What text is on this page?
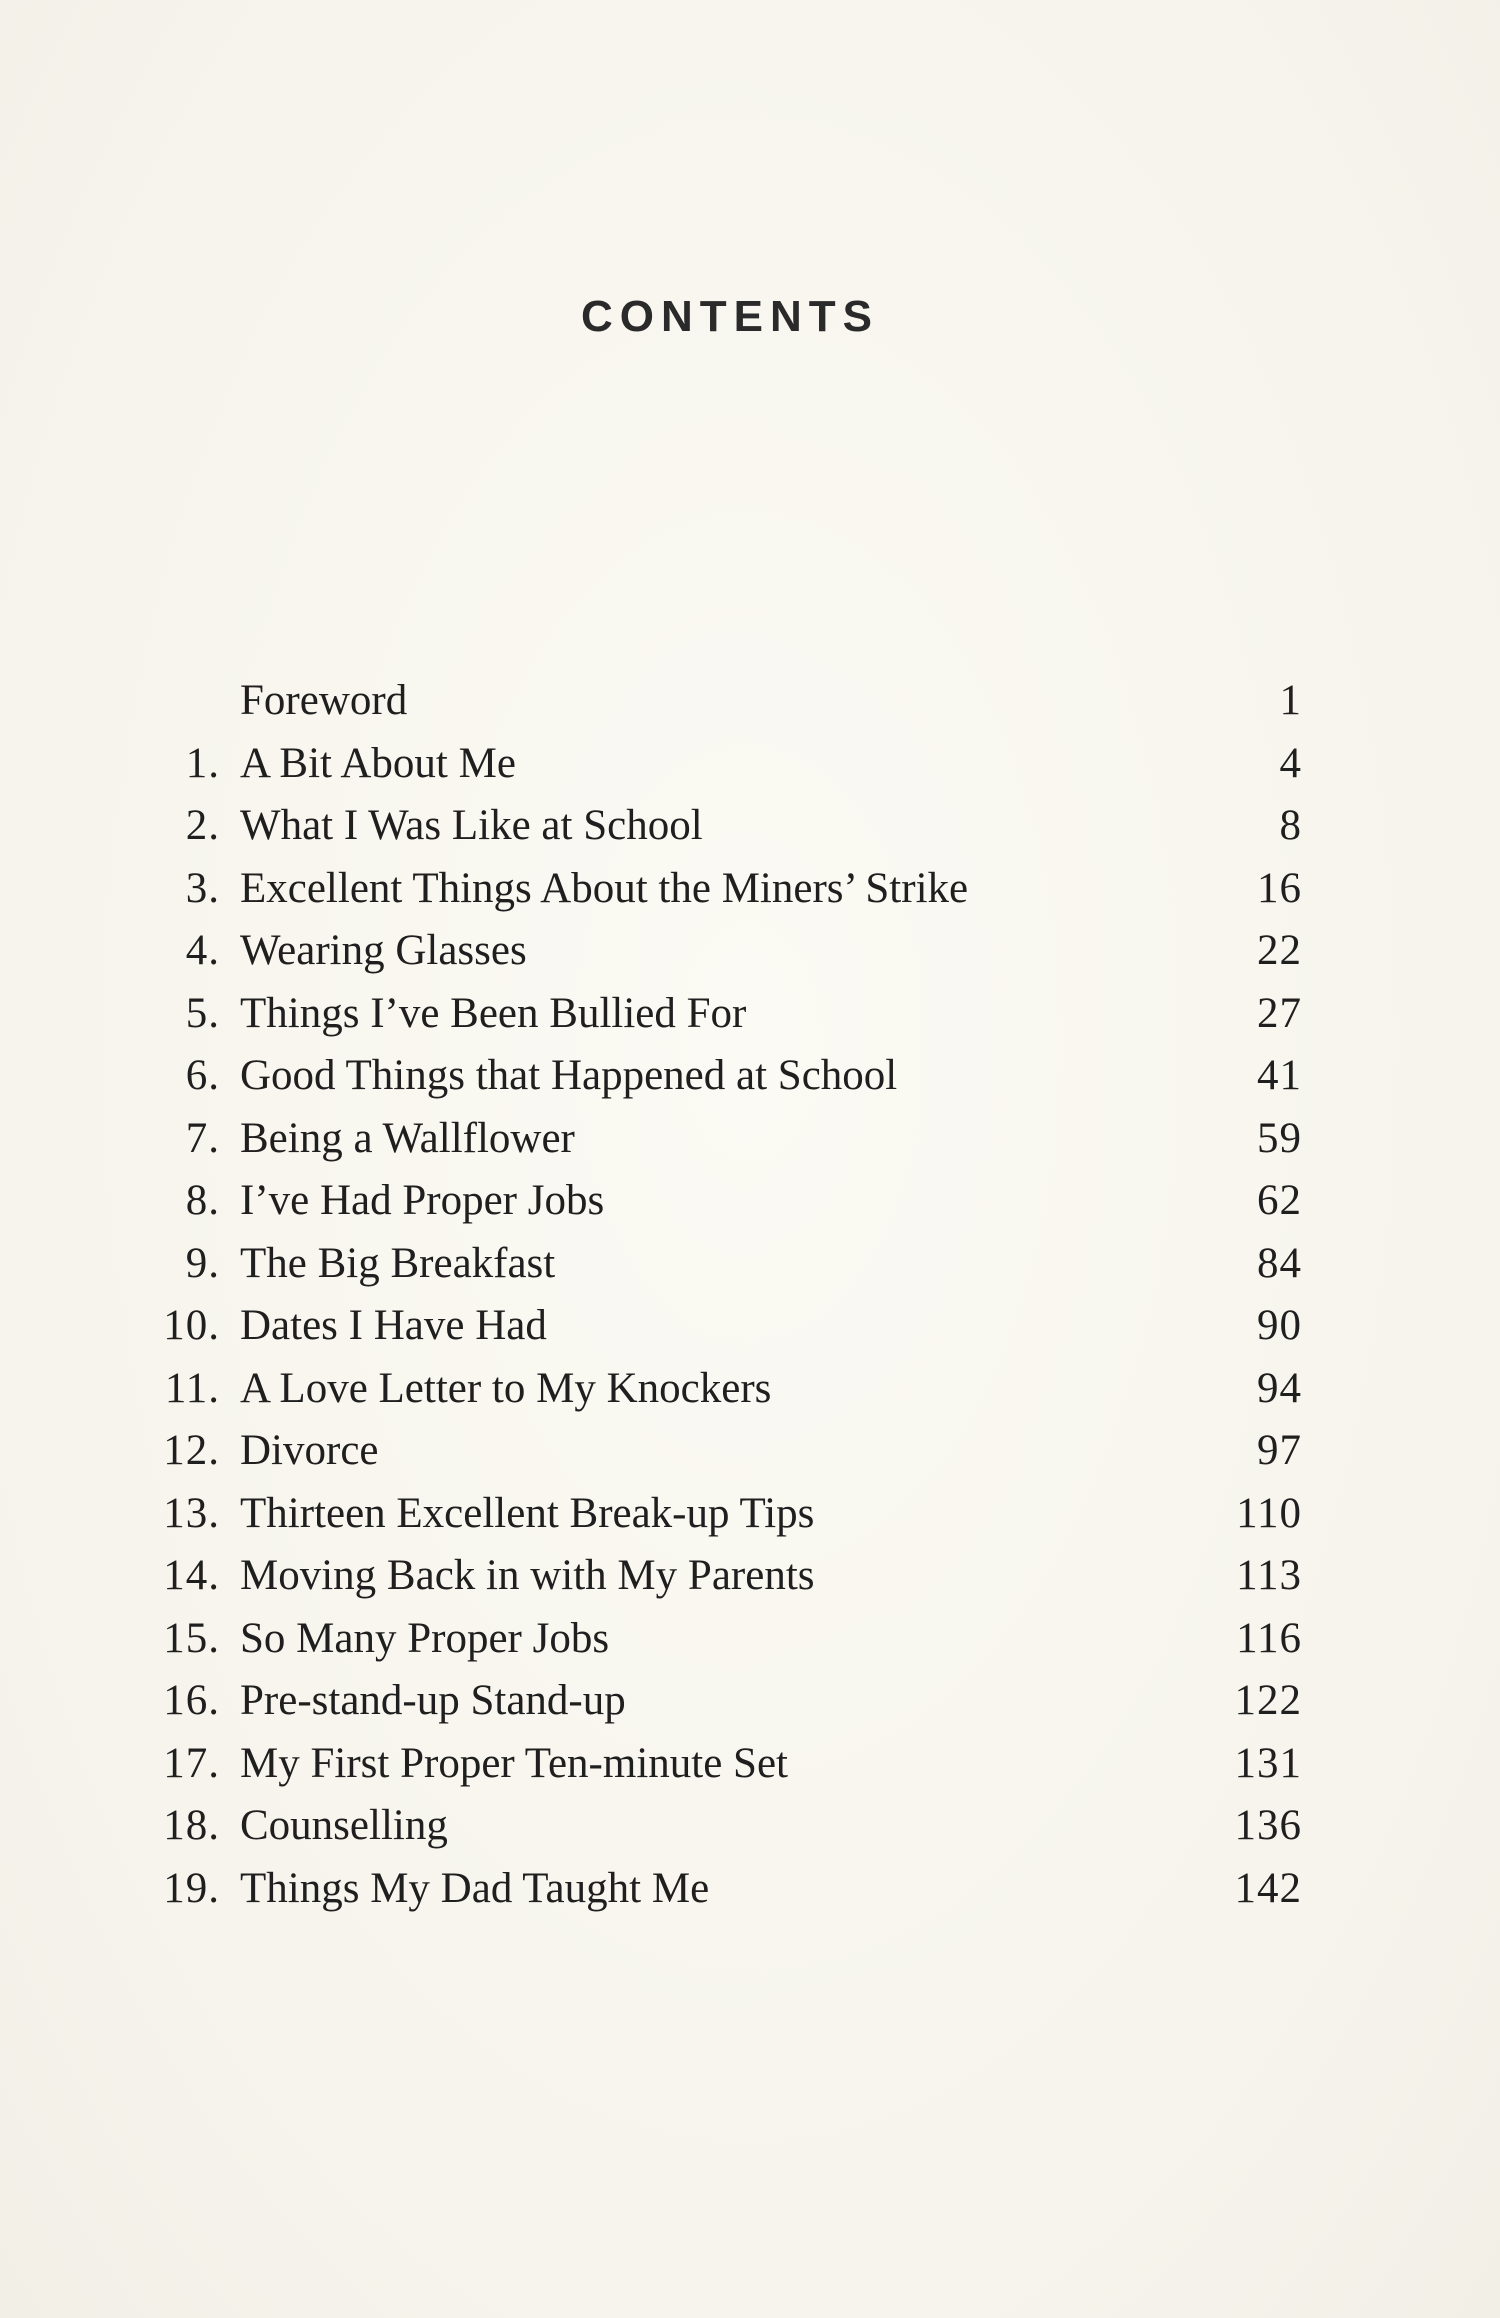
CONTENTS
Foreword	1
1. A Bit About Me	4
2. What I Was Like at School	8
3. Excellent Things About the Miners’ Strike	16
4. Wearing Glasses	22
5. Things I’ve Been Bullied For	27
6. Good Things that Happened at School	41
7. Being a Wallflower	59
8. I’ve Had Proper Jobs	62
9. The Big Breakfast	84
10. Dates I Have Had	90
11. A Love Letter to My Knockers	94
12. Divorce	97
13. Thirteen Excellent Break-up Tips	110
14. Moving Back in with My Parents	113
15. So Many Proper Jobs	116
16. Pre-stand-up Stand-up	122
17. My First Proper Ten-minute Set	131
18. Counselling	136
19. Things My Dad Taught Me	142
